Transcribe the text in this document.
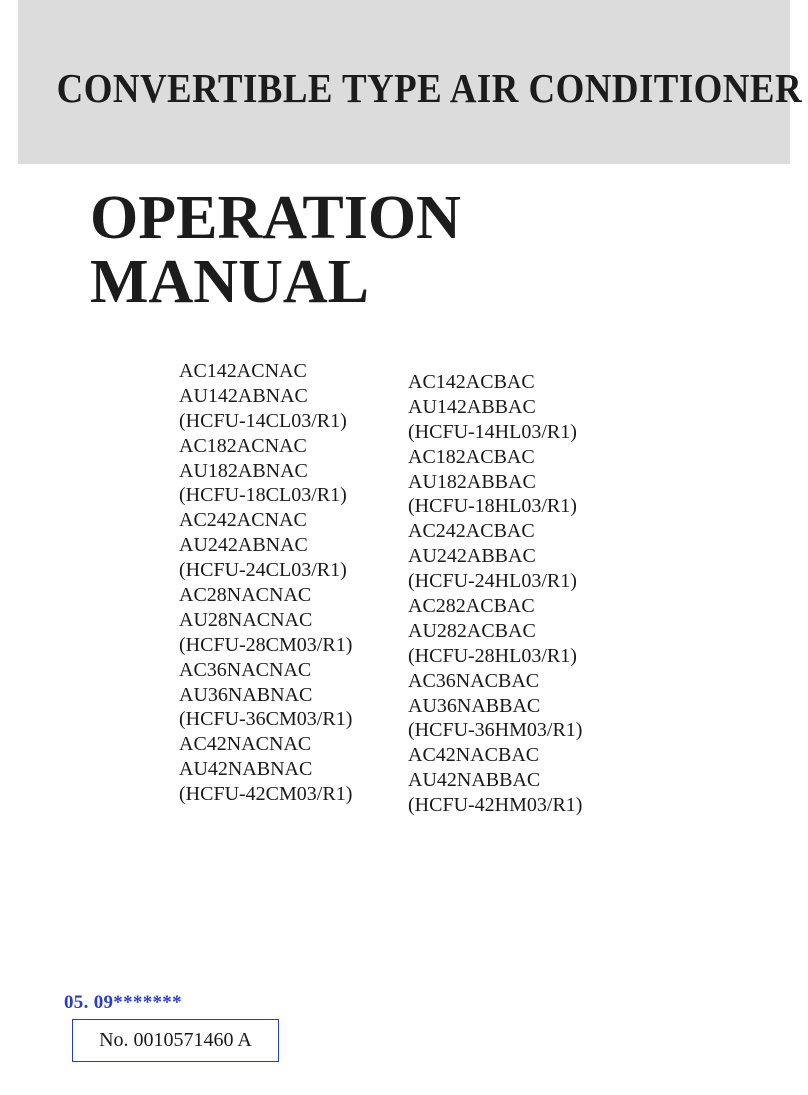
CONVERTIBLE TYPE AIR CONDITIONER
OPERATION
MANUAL
AC142ACNAC
AU142ABNAC
(HCFU-14CL03/R1)
AC182ACNAC
AU182ABNAC
(HCFU-18CL03/R1)
AC242ACNAC
AU242ABNAC
(HCFU-24CL03/R1)
AC28NACNAC
AU28NACNAC
(HCFU-28CM03/R1)
AC36NACNAC
AU36NABNAC
(HCFU-36CM03/R1)
AC42NACNAC
AU42NABNAC
(HCFU-42CM03/R1)
AC142ACBAC
AU142ABBAC
(HCFU-14HL03/R1)
AC182ACBAC
AU182ABBAC
(HCFU-18HL03/R1)
AC242ACBAC
AU242ABBAC
(HCFU-24HL03/R1)
AC282ACBAC
AU282ACBAC
(HCFU-28HL03/R1)
AC36NACBAC
AU36NABBAC
(HCFU-36HM03/R1)
AC42NACBAC
AU42NABBAC
(HCFU-42HM03/R1)
05. 09*******
No. 0010571460 A
